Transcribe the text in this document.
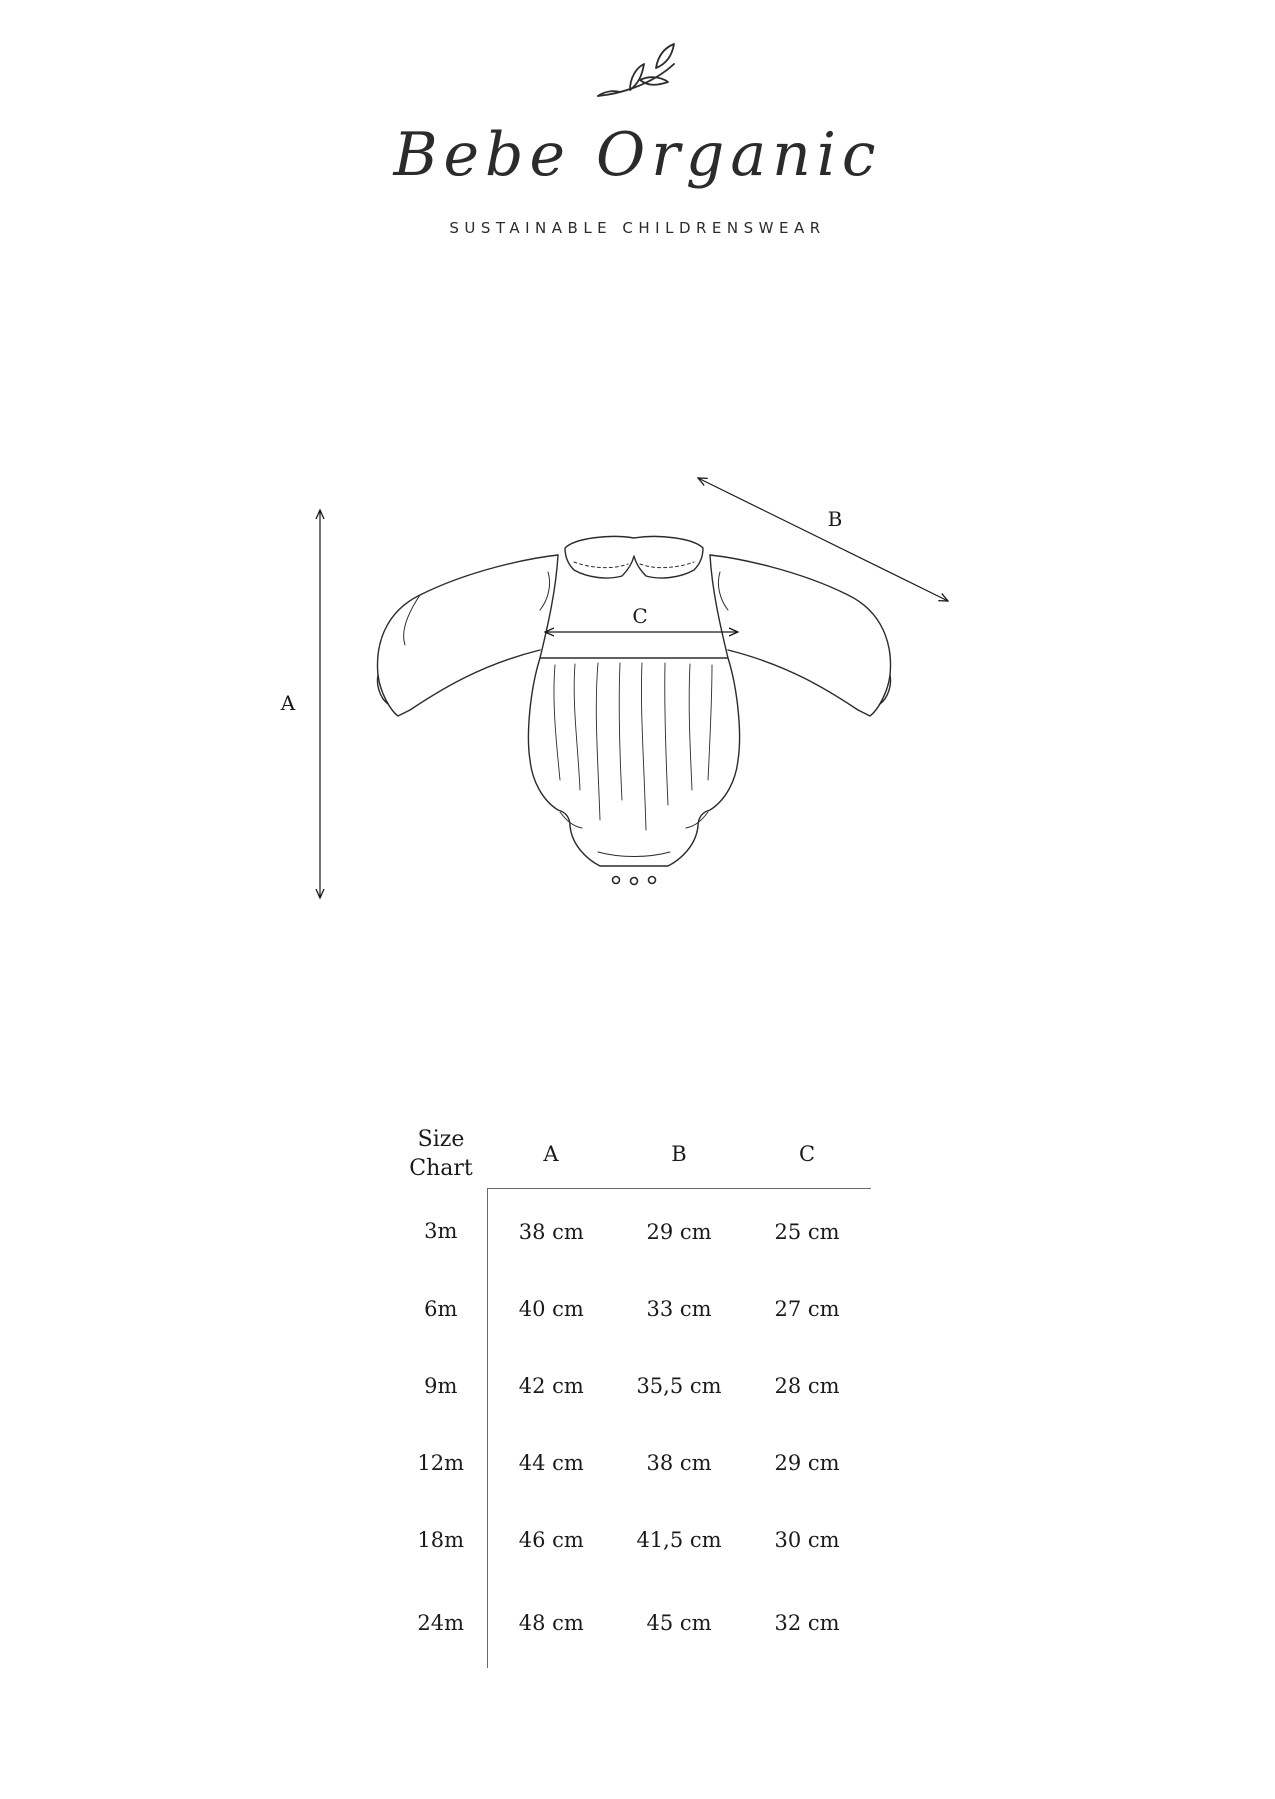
Bebe Organic
SUSTAINABLE CHILDRENSWEAR
A
B
C
Size
Chart	A	B	C
3m	38 cm	29 cm	25 cm
6m	40 cm	33 cm	27 cm
9m	42 cm	35,5 cm	28 cm
12m	44 cm	38 cm	29 cm
18m	46 cm	41,5 cm	30 cm
24m	48 cm	45 cm	32 cm
